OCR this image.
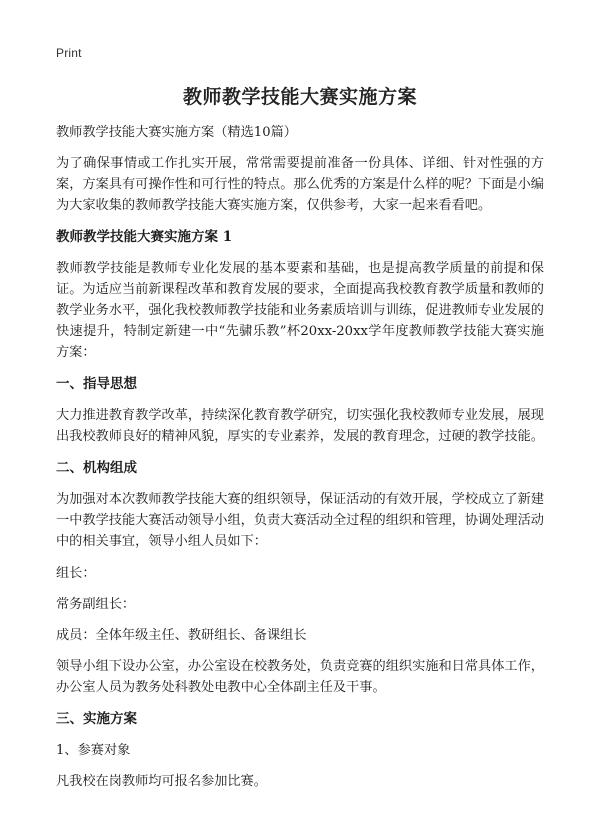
Print
教师教学技能大赛实施方案

教师教学技能大赛实施方案（精选10篇）

为了确保事情或工作扎实开展，常常需要提前准备一份具体、详细、针对性强的方案，方案具有可操作性和可行性的特点。那么优秀的方案是什么样的呢？下面是小编为大家收集的教师教学技能大赛实施方案，仅供参考，大家一起来看看吧。

教师教学技能大赛实施方案 1

教师教学技能是教师专业化发展的基本要素和基础，也是提高教学质量的前提和保证。为适应当前新课程改革和教育发展的要求，全面提高我校教育教学质量和教师的教学业务水平，强化我校教师教学技能和业务素质培训与训练，促进教师专业发展的快速提升，特制定新建一中“先骕乐教”杯20xx-20xx学年度教师教学技能大赛实施方案：

一、指导思想

大力推进教育教学改革，持续深化教育教学研究，切实强化我校教师专业发展，展现出我校教师良好的精神风貌，厚实的专业素养，发展的教育理念，过硬的教学技能。

二、机构组成

为加强对本次教师教学技能大赛的组织领导，保证活动的有效开展，学校成立了新建一中教学技能大赛活动领导小组，负责大赛活动全过程的组织和管理，协调处理活动中的相关事宜，领导小组人员如下：

组长：

常务副组长：

成员：全体年级主任、教研组长、备课组长

领导小组下设办公室，办公室设在校教务处，负责竞赛的组织实施和日常具体工作，办公室人员为教务处科教处电教中心全体副主任及干事。

三、实施方案

1、参赛对象

凡我校在岗教师均可报名参加比赛。
